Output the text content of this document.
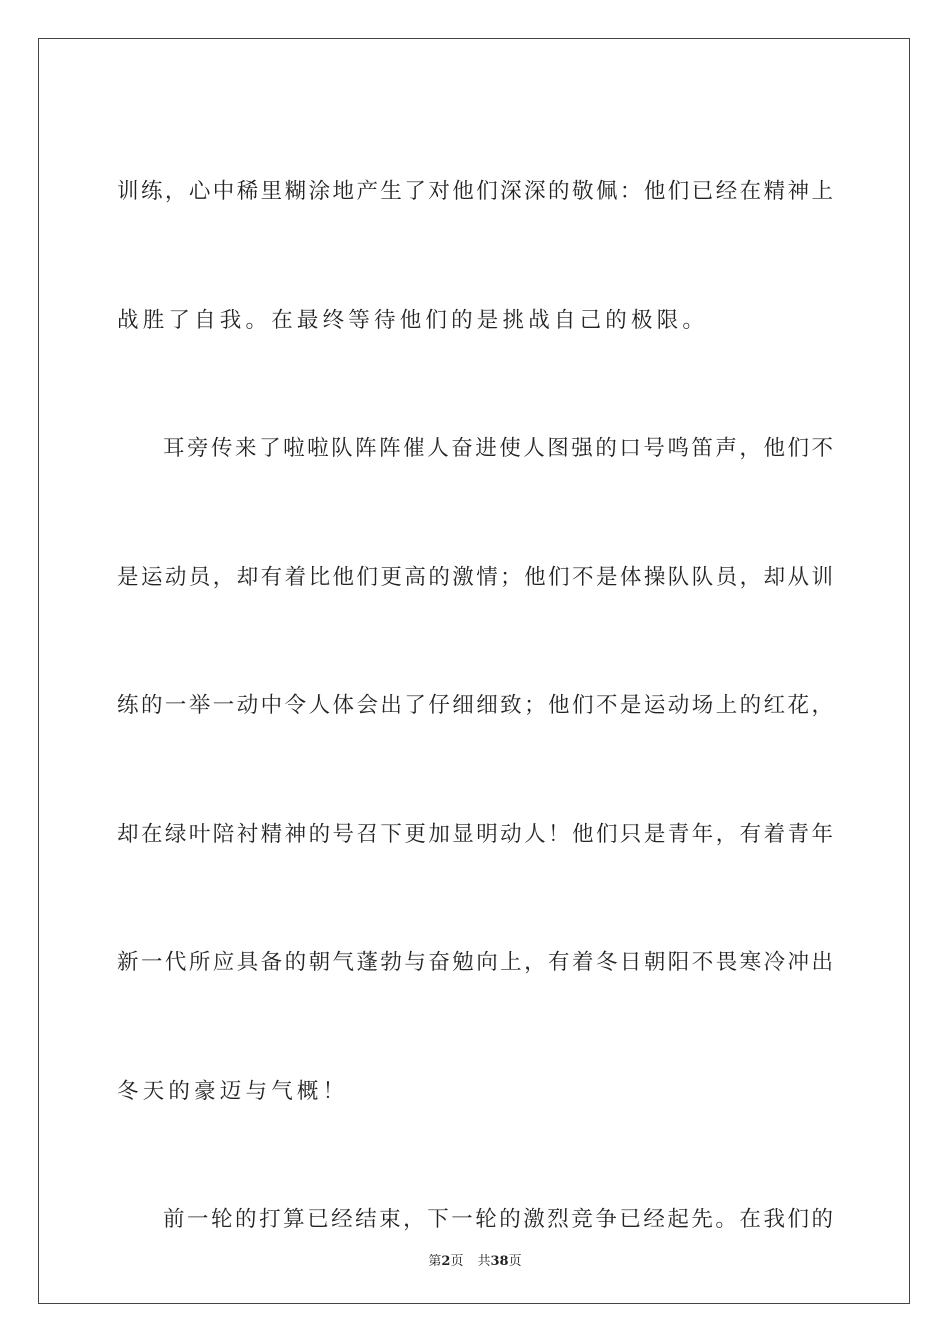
训练，心中稀里糊涂地产生了对他们深深的敬佩：他们已经在精神上
战胜了自我。在最终等待他们的是挑战自己的极限。
耳旁传来了啦啦队阵阵催人奋进使人图强的口号鸣笛声，他们不
是运动员，却有着比他们更高的激情；他们不是体操队队员，却从训
练的一举一动中令人体会出了仔细细致；他们不是运动场上的红花，
却在绿叶陪衬精神的号召下更加显明动人！他们只是青年，有着青年
新一代所应具备的朝气蓬勃与奋勉向上，有着冬日朝阳不畏寒冷冲出
冬天的豪迈与气概！
前一轮的打算已经结束，下一轮的激烈竞争已经起先。在我们的
第2页 共38页
